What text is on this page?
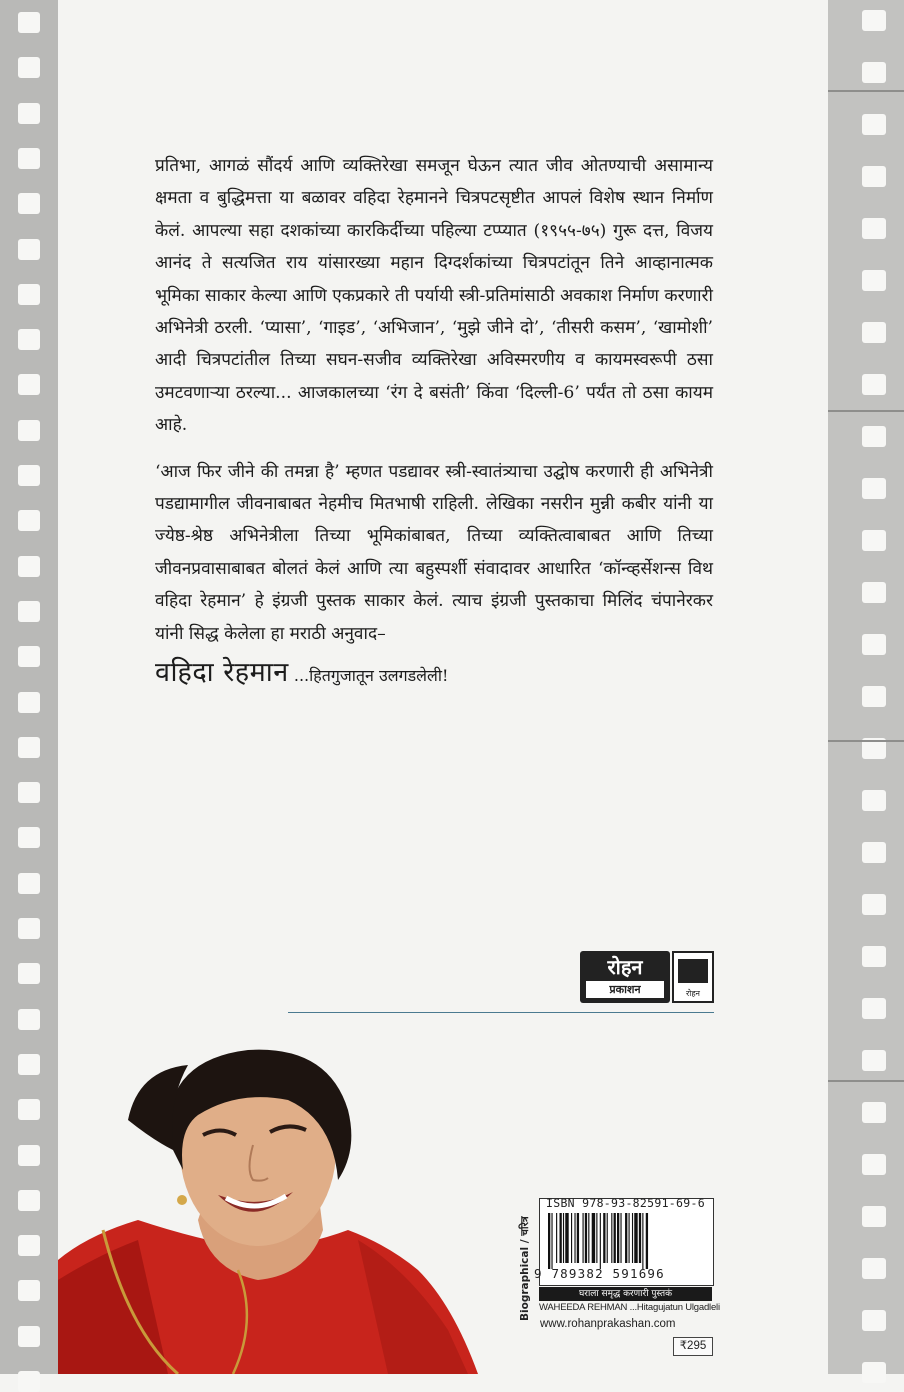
प्रतिभा, आगळं सौंदर्य आणि व्यक्तिरेखा समजून घेऊन त्यात जीव ओतण्याची असामान्य क्षमता व बुद्धिमत्ता या बळावर वहिदा रेहमानने चित्रपटसृष्टीत आपलं विशेष स्थान निर्माण केलं. आपल्या सहा दशकांच्या कारकिर्दीच्या पहिल्या टप्प्यात (१९५५-७५) गुरू दत्त, विजय आनंद ते सत्यजित राय यांसारख्या महान दिग्दर्शकांच्या चित्रपटांतून तिने आव्हानात्मक भूमिका साकार केल्या आणि एकप्रकारे ती पर्यायी स्त्री-प्रतिमांसाठी अवकाश निर्माण करणारी अभिनेत्री ठरली. ‘प्यासा’, ‘गाइड’, ‘अभिजान’, ‘मुझे जीने दो’, ‘तीसरी कसम’, ‘खामोशी’ आदी चित्रपटांतील तिच्या सघन-सजीव व्यक्तिरेखा अविस्मरणीय व कायमस्वरूपी ठसा उमटवणाऱ्या ठरल्या... आजकालच्या ‘रंग दे बसंती’ किंवा ‘दिल्ली-6’ पर्यंत तो ठसा कायम आहे.

‘आज फिर जीने की तमन्ना है’ म्हणत पडद्यावर स्त्री-स्वातंत्र्याचा उद्घोष करणारी ही अभिनेत्री पडद्यामागील जीवनाबाबत नेहमीच मितभाषी राहिली. लेखिका नसरीन मुन्नी कबीर यांनी या ज्येष्ठ-श्रेष्ठ अभिनेत्रीला तिच्या भूमिकांबाबत, तिच्या व्यक्तित्वाबाबत आणि तिच्या जीवनप्रवासाबाबत बोलतं केलं आणि त्या बहुस्पर्शी संवादावर आधारित ‘कॉन्व्हर्सेशन्स विथ वहिदा रेहमान’ हे इंग्रजी पुस्तक साकार केलं. त्याच इंग्रजी पुस्तकाचा मिलिंद चंपानेरकर यांनी सिद्ध केलेला हा मराठी अनुवाद–

वहिदा रेहमान ...हितगुजातून उलगडलेली!
रोहन
प्रकाशन	रोहन
Biographical / चरित्र
ISBN 978-93-82591-69-6
9 789382 591696
घराला समृद्ध करणारी पुस्तकं
WAHEEDA REHMAN ...Hitagujatun Ulgadleli
www.rohanprakashan.com
₹295
